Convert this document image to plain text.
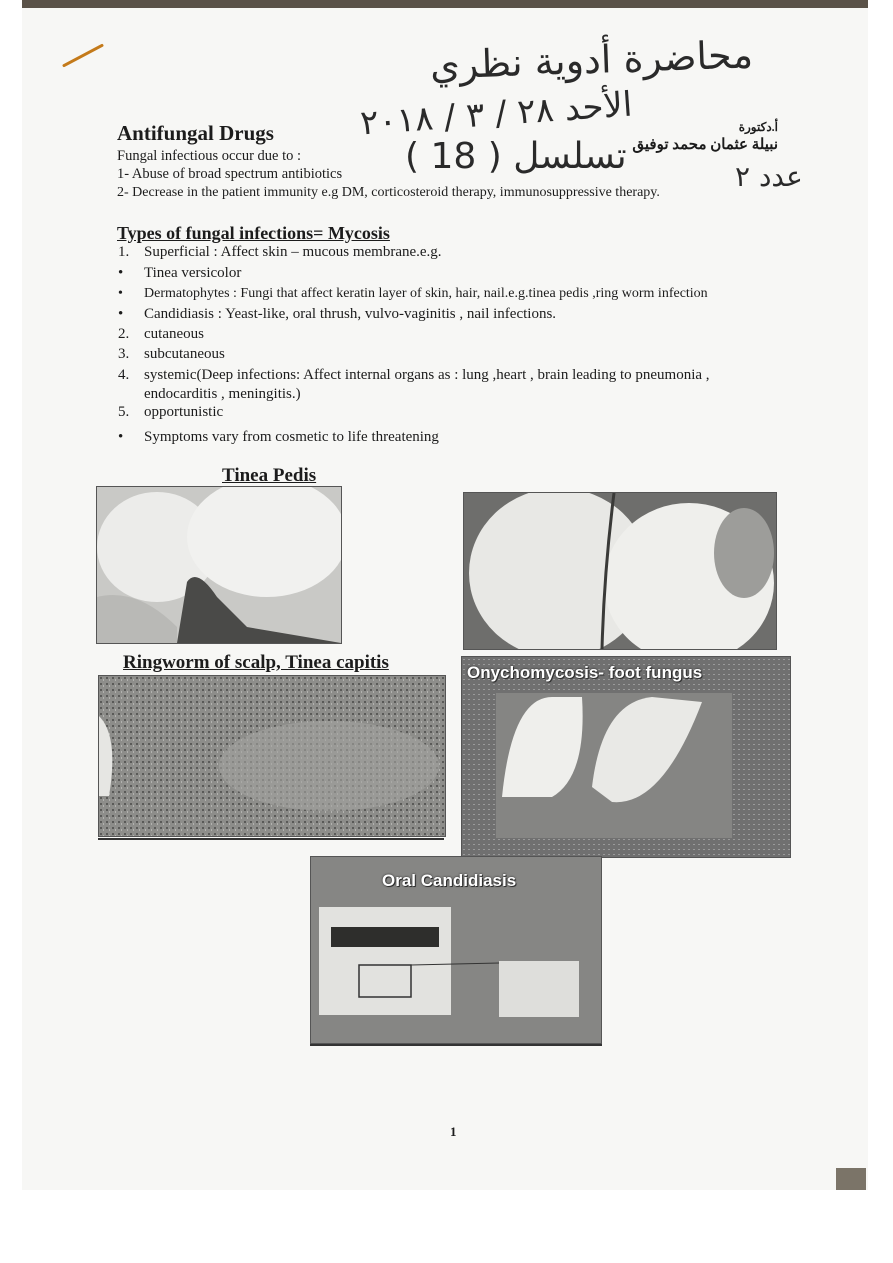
محاضرة أدوية نظري
الأحد ٢٨ / ٣ / ٢٠١٨
تسلسل ( 18 )
أ.دكتورة
نبيلة عثمان محمد توفيق
عدد ٢
Antifungal Drugs
Fungal infectious occur due to :
1- Abuse of broad spectrum antibiotics
2- Decrease in the patient immunity e.g DM, corticosteroid therapy, immunosuppressive therapy.
Types of fungal infections= Mycosis
1. Superficial : Affect skin – mucous membrane.e.g.
• Tinea versicolor
• Dermatophytes : Fungi that affect keratin layer of skin, hair, nail.e.g.tinea pedis ,ring worm infection
• Candidiasis : Yeast-like, oral thrush, vulvo-vaginitis , nail infections.
2. cutaneous
3. subcutaneous
4. systemic(Deep infections: Affect internal organs as : lung ,heart , brain leading to pneumonia ,
endocarditis , meningitis.)
5. opportunistic
• Symptoms vary from cosmetic to life threatening
Tinea Pedis
Ringworm of scalp, Tinea capitis	Onychomycosis- foot fungus
Oral Candidiasis
1
